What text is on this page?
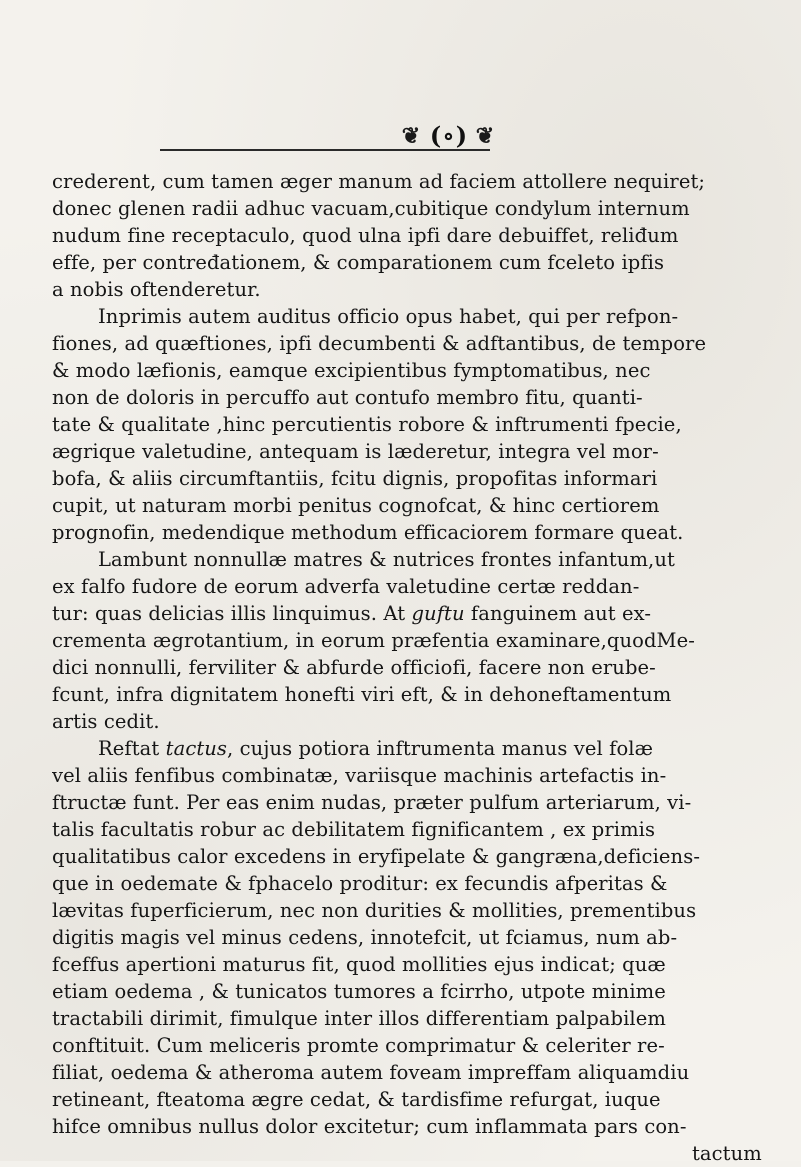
❦ (∘) ❦
crederent, cum tamen æger manum ad faciem attollere nequiret;
donec glenen radii adhuc vacuam,cubitique condylum internum
nudum fine receptaculo, quod ulna ipfi dare debuiffet, reliđum
effe, per contređationem, & comparationem cum fceleto ipfis
a nobis oftenderetur.
Inprimis autem auditus officio opus habet, qui per refpon-
fiones, ad quæftiones, ipfi decumbenti & adftantibus, de tempore
& modo læfionis, eamque excipientibus fymptomatibus, nec
non de doloris in percuffo aut contufo membro fitu, quanti-
tate & qualitate ,hinc percutientis robore & inftrumenti fpecie,
ægrique valetudine, antequam is læderetur, integra vel mor-
bofa, & aliis circumftantiis, fcitu dignis, propofitas informari
cupit, ut naturam morbi penitus cognofcat, & hinc certiorem
prognofin, medendique methodum efficaciorem formare queat.
Lambunt nonnullæ matres & nutrices frontes infantum,ut
ex falfo fudore de eorum adverfa valetudine certæ reddan-
tur: quas delicias illis linquimus. At guftu fanguinem aut ex-
crementa ægrotantium, in eorum præfentia examinare,quodMe-
dici nonnulli, ferviliter & abfurde officiofi, facere non erube-
fcunt, infra dignitatem honefti viri eft, & in dehoneftamentum
artis cedit.
Reftat tactus, cujus potiora inftrumenta manus vel folæ
vel aliis fenfibus combinatæ, variisque machinis artefactis in-
ftructæ funt. Per eas enim nudas, præter pulfum arteriarum, vi-
talis facultatis robur ac debilitatem fignificantem , ex primis
qualitatibus calor excedens in eryfipelate & gangræna,deficiens-
que in oedemate & fphacelo proditur: ex fecundis afperitas &
lævitas fuperficierum, nec non durities & mollities, prementibus
digitis magis vel minus cedens, innotefcit, ut fciamus, num ab-
fceffus apertioni maturus fit, quod mollities ejus indicat; quæ
etiam oedema , & tunicatos tumores a fcirrho, utpote minime
tractabili dirimit, fimulque inter illos differentiam palpabilem
conftituit. Cum meliceris promte comprimatur & celeriter re-
filiat, oedema & atheroma autem foveam impreffam aliquamdiu
retineant, fteatoma ægre cedat, & tardisfime refurgat, iuque
hifce omnibus nullus dolor excitetur; cum inflammata pars con-
tactum
